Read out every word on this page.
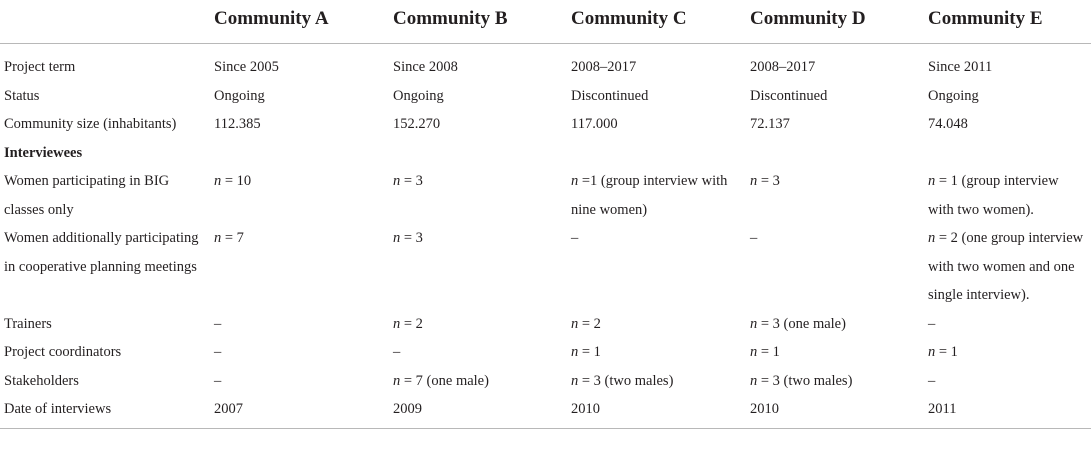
	Community A	Community B	Community C	Community D	Community E
Project term	Since 2005	Since 2008	2008–2017	2008–2017	Since 2011
Status	Ongoing	Ongoing	Discontinued	Discontinued	Ongoing
Community size (inhabitants)	112.385	152.270	117.000	72.137	74.048
Interviewees					
Women participating in BIG classes only	n = 10	n = 3	n =1 (group interview with nine women)	n = 3	n = 1 (group interview with two women).
Women additionally participating in cooperative planning meetings	n = 7	n = 3	–	–	n = 2 (one group interview with two women and one single interview).
Trainers	–	n = 2	n = 2	n = 3 (one male)	–
Project coordinators	–	–	n = 1	n = 1	n = 1
Stakeholders	–	n = 7 (one male)	n = 3 (two males)	n = 3 (two males)	–
Date of interviews	2007	2009	2010	2010	2011
